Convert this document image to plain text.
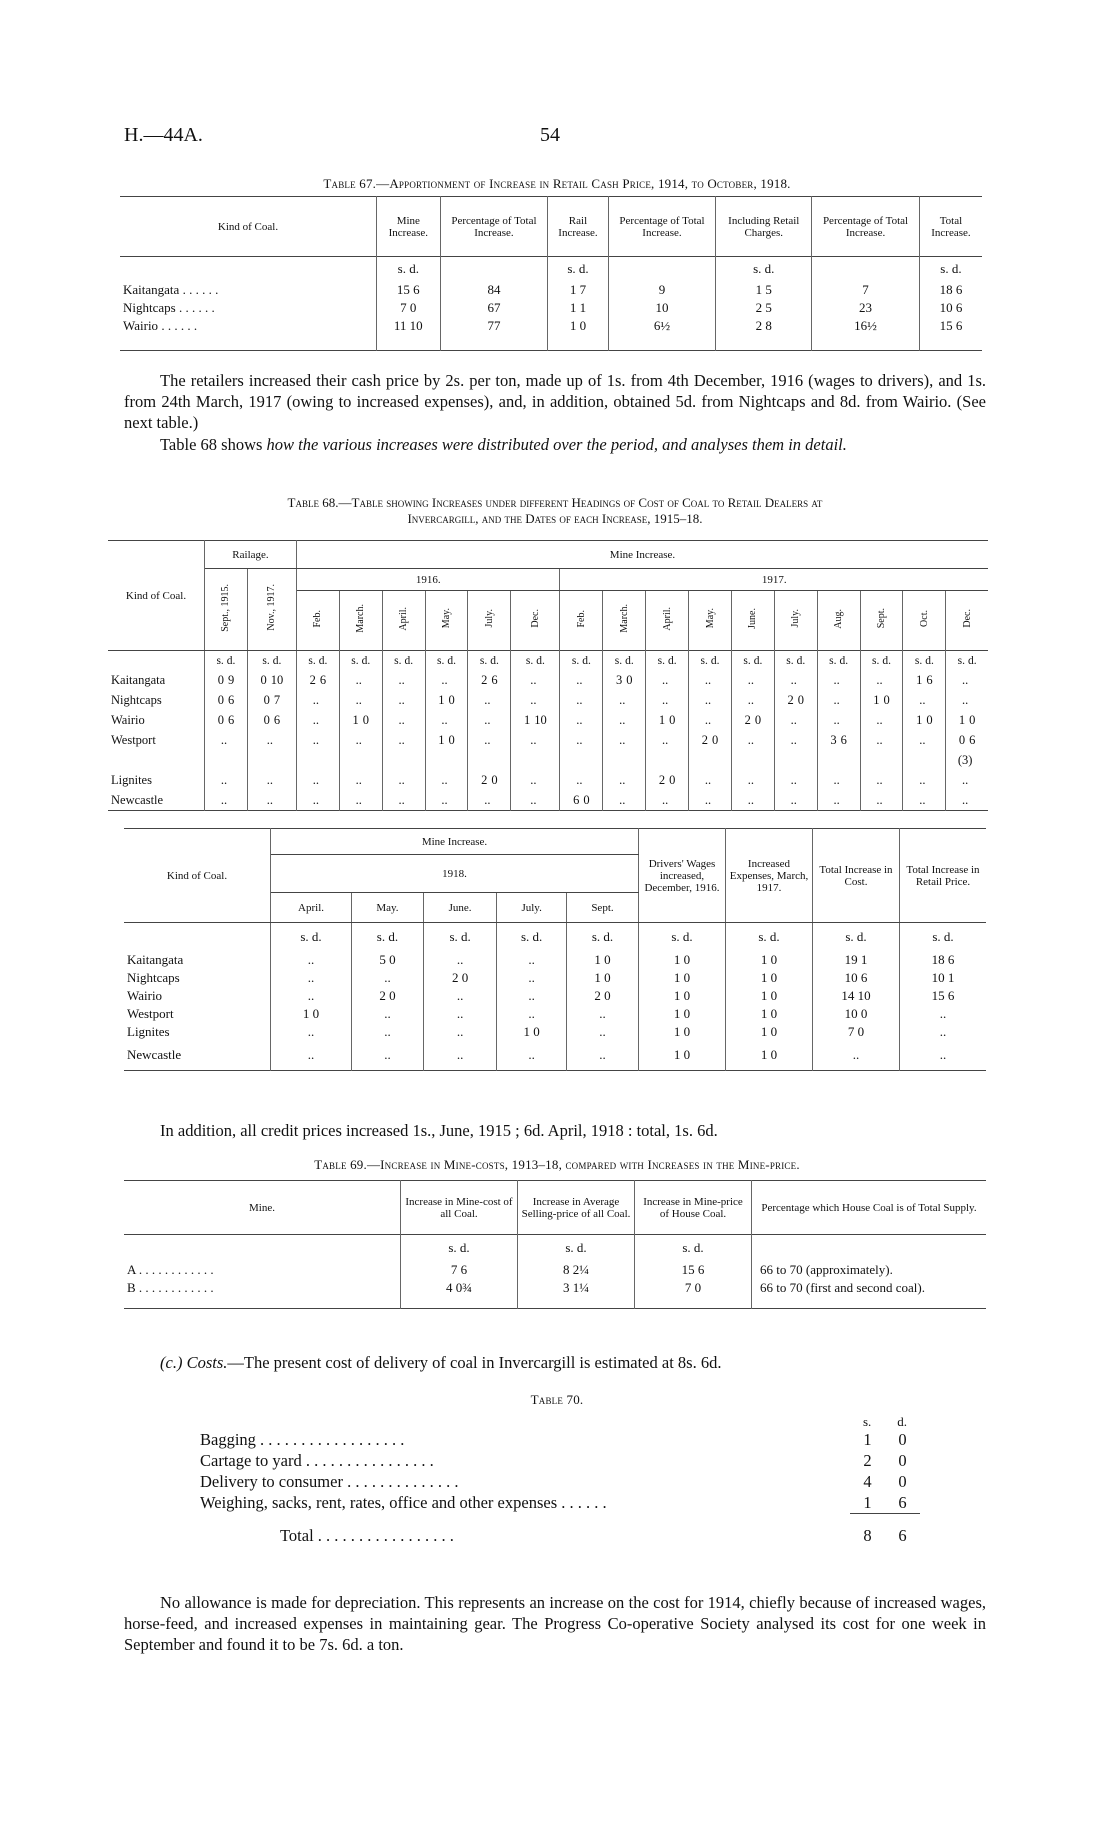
H.—44A.	54
Table 67.—Apportionment of Increase in Retail Cash Price, 1914, to October, 1918.
Kind of Coal.	Mine Increase.	Percentage of Total Increase.	Rail Increase.	Percentage of Total Increase.	Including Retail Charges.	Percentage of Total Increase.	Total Increase.
	s. d.		s. d.		s. d.		s. d.
Kaitangata . . . . . .	15 6	84	1 7	9	1 5	7	18 6
Nightcaps . . . . . .	7 0	67	1 1	10	2 5	23	10 6
Wairio . . . . . .	11 10	77	1 0	6½	2 8	16½	15 6
The retailers increased their cash price by 2s. per ton, made up of 1s. from 4th December, 1916 (wages to drivers), and 1s. from 24th March, 1917 (owing to increased expenses), and, in addition, obtained 5d. from Nightcaps and 8d. from Wairio. (See next table.)
Table 68 shows how the various increases were distributed over the period, and analyses them in detail.
Table 68.—Table showing Increases under different Headings of Cost of Coal to Retail Dealers at
Invercargill, and the Dates of each Increase, 1915–18.
Kind of Coal.	Railage.		Mine Increase.															
	Sept., 1915.	Nov., 1917.	1916.						1917.									
			Feb.	March.	April.	May.	July.	Dec.	Feb.	March.	April.	May.	June.	July.	Aug.	Sept.	Oct.	Dec.
	s. d.	s. d.	s. d.	s. d.	s. d.	s. d.	s. d.	s. d.	s. d.	s. d.	s. d.	s. d.	s. d.	s. d.	s. d.	s. d.	s. d.	s. d.
Kaitangata	0 9	0 10	2 6	..	..	..	2 6	..	..	3 0	..	..	..	..	..	..	1 6	..
Nightcaps	0 6	0 7	..	..	..	1 0	..	..	..	..	..	..	..	2 0	..	1 0	..	..
Wairio	0 6	0 6	..	1 0	..	..	..	1 10	..	..	1 0	..	2 0	..	..	..	1 0	1 0
Westport	..	..	..	..	..	1 0	..	..	..	..	..	2 0	..	..	3 6	..	..	0 6
																		(3)
Lignites	..	..	..	..	..	..	2 0	..	..	..	2 0	..	..	..	..	..	..	..
Newcastle	..	..	..	..	..	..	..	..	6 0	..	..	..	..	..	..	..	..	..
Kind of Coal.	Mine Increase.					Drivers' Wages increased, December, 1916.	Increased Expenses, March, 1917.	Total Increase in Cost.	Total Increase in Retail Price.
	1918.								
	April.	May.	June.	July.	Sept.				
	s. d.	s. d.	s. d.	s. d.	s. d.	s. d.	s. d.	s. d.	s. d.
Kaitangata	..	5 0	..	..	1 0	1 0	1 0	19 1	18 6
Nightcaps	..	..	2 0	..	1 0	1 0	1 0	10 6	10 1
Wairio	..	2 0	..	..	2 0	1 0	1 0	14 10	15 6
Westport	1 0	..	..	..	..	1 0	1 0	10 0	..
Lignites	..	..	..	1 0	..	1 0	1 0	7 0	..
Newcastle	..	..	..	..	..	1 0	1 0	..	..
In addition, all credit prices increased 1s., June, 1915 ; 6d. April, 1918 : total, 1s. 6d.
Table 69.—Increase in Mine-costs, 1913–18, compared with Increases in the Mine-price.
Mine.	Increase in Mine-cost of all Coal.	Increase in Average Selling-price of all Coal.	Increase in Mine-price of House Coal.	Percentage which House Coal is of Total Supply.
	s. d.	s. d.	s. d.	
A . . . . . . . . . . . .	7 6	8 2¼	15 6	66 to 70 (approximately).
B . . . . . . . . . . . .	4 0¾	3 1¼	7 0	66 to 70 (first and second coal).
(c.) Costs.—The present cost of delivery of coal in Invercargill is estimated at 8s. 6d.
Table 70.
s. d.
Bagging . . . . . . . . . . . . . . . . . .	1 0
Cartage to yard . . . . . . . . . . . . . . . .	2 0
Delivery to consumer . . . . . . . . . . . . . .	4 0
Weighing, sacks, rent, rates, office and other expenses . . . . . .	1 6
Total . . . . . . . . . . . . . . . . .	8 6
No allowance is made for depreciation. This represents an increase on the cost for 1914, chiefly because of increased wages, horse-feed, and increased expenses in maintaining gear. The Progress Co-operative Society analysed its cost for one week in September and found it to be 7s. 6d. a ton.
